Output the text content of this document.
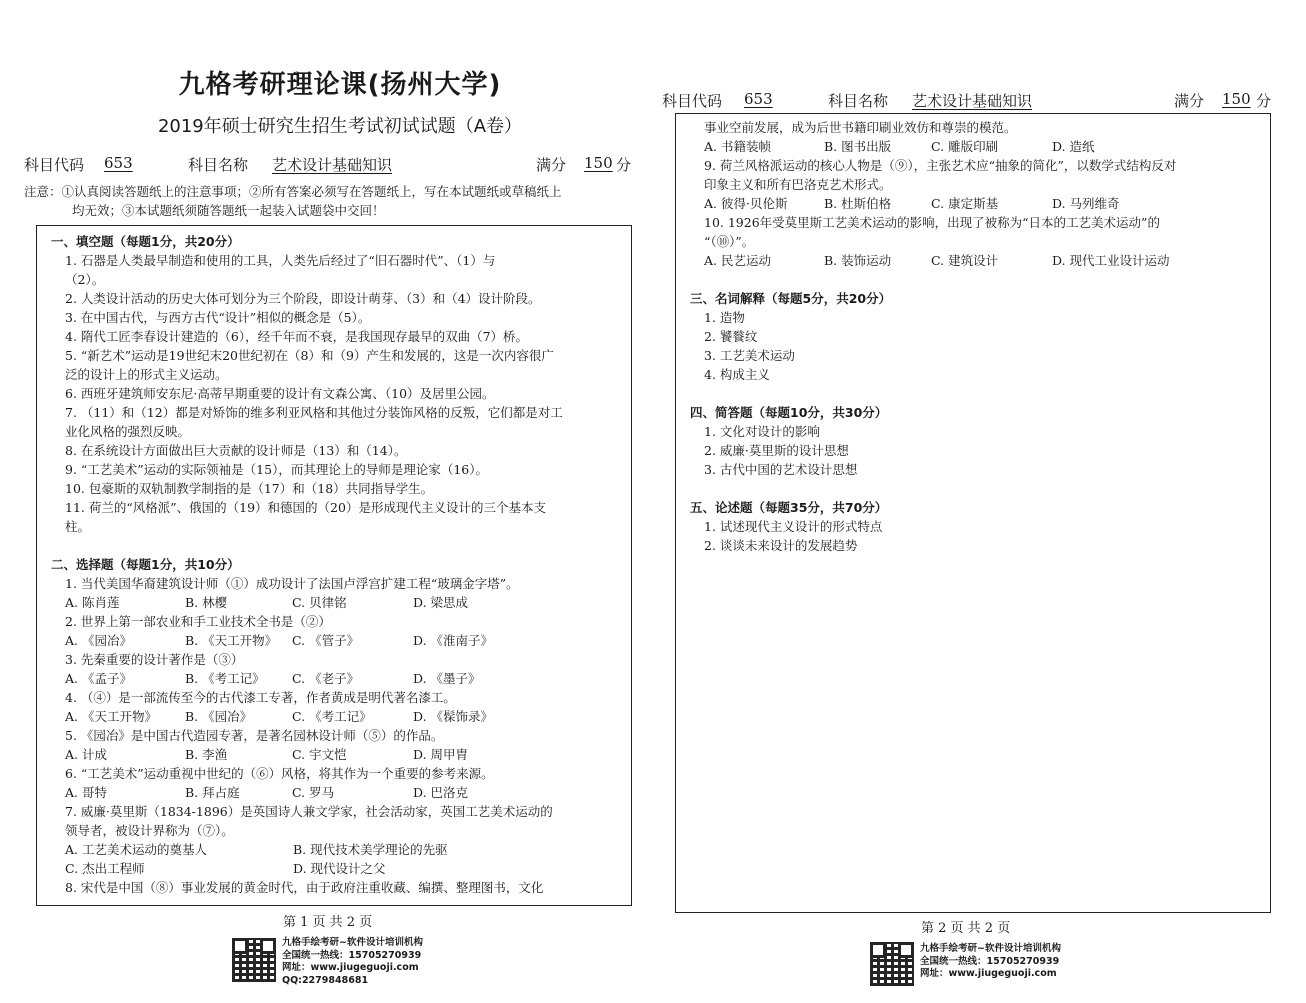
九格考研理论课(扬州大学)
2019年硕士研究生招生考试初试试题（A卷）
科目代码 653	科目名称 艺术设计基础知识	满分 150 分
注意：①认真阅读答题纸上的注意事项；②所有答案必须写在答题纸上，写在本试题纸或草稿纸上
均无效；③本试题纸须随答题纸一起装入试题袋中交回！
一、填空题（每题1分，共20分）
1. 石器是人类最早制造和使用的工具，人类先后经过了“旧石器时代”、（1）与
（2）。
2. 人类设计活动的历史大体可划分为三个阶段，即设计萌芽、（3）和（4）设计阶段。
3. 在中国古代，与西方古代“设计”相似的概念是（5）。
4. 隋代工匠李春设计建造的（6），经千年而不衰，是我国现存最早的双曲（7）桥。
5. “新艺术”运动是19世纪末20世纪初在（8）和（9）产生和发展的，这是一次内容很广
泛的设计上的形式主义运动。
6. 西班牙建筑师安东尼·高蒂早期重要的设计有文森公寓、（10）及居里公园。
7. （11）和（12）都是对矫饰的维多利亚风格和其他过分装饰风格的反叛，它们都是对工
业化风格的强烈反映。
8. 在系统设计方面做出巨大贡献的设计师是（13）和（14）。
9. “工艺美术”运动的实际领袖是（15），而其理论上的导师是理论家（16）。
10. 包豪斯的双轨制教学制指的是（17）和（18）共同指导学生。
11. 荷兰的“风格派”、俄国的（19）和德国的（20）是形成现代主义设计的三个基本支
柱。
二、选择题（每题1分，共10分）
1. 当代美国华裔建筑设计师（①）成功设计了法国卢浮宫扩建工程“玻璃金字塔”。
A. 陈肖莲	B. 林樱	C. 贝律铭	D. 梁思成
2. 世界上第一部农业和手工业技术全书是（②）
A. 《园冶》	B. 《天工开物》	C. 《管子》	D. 《淮南子》
3. 先秦重要的设计著作是（③）
A. 《孟子》	B. 《考工记》	C. 《老子》	D. 《墨子》
4. （④）是一部流传至今的古代漆工专著，作者黄成是明代著名漆工。
A. 《天工开物》	B. 《园冶》	C. 《考工记》	D. 《髹饰录》
5. 《园冶》是中国古代造园专著，是著名园林设计师（⑤）的作品。
A. 计成	B. 李渔	C. 宇文恺	D. 周甲胄
6. “工艺美术”运动重视中世纪的（⑥）风格，将其作为一个重要的参考来源。
A. 哥特	B. 拜占庭	C. 罗马	D. 巴洛克
7. 威廉·莫里斯（1834-1896）是英国诗人兼文学家，社会活动家，英国工艺美术运动的
领导者，被设计界称为（⑦）。
A. 工艺美术运动的奠基人	B. 现代技术美学理论的先驱
C. 杰出工程师	D. 现代设计之父
8. 宋代是中国（⑧）事业发展的黄金时代，由于政府注重收藏、编撰、整理图书，文化
第 1 页 共 2 页
九格手绘考研~软件设计培训机构
全国统一热线：15705270939
网址：www.jiugeguoji.com
QQ:2279848681
科目代码 653	科目名称 艺术设计基础知识	满分 150 分
事业空前发展，成为后世书籍印刷业效仿和尊崇的模范。
A. 书籍装帧	B. 图书出版	C. 雕版印刷	D. 造纸
9. 荷兰风格派运动的核心人物是（⑨），主张艺术应“抽象的简化”，以数学式结构反对
印象主义和所有巴洛克艺术形式。
A. 彼得·贝伦斯	B. 杜斯伯格	C. 康定斯基	D. 马列维奇
10. 1926年受莫里斯工艺美术运动的影响，出现了被称为“日本的工艺美术运动”的
“（⑩）”。
A. 民艺运动	B. 装饰运动	C. 建筑设计	D. 现代工业设计运动
三、名词解释（每题5分，共20分）
1. 造物
2. 饕餮纹
3. 工艺美术运动
4. 构成主义
四、简答题（每题10分，共30分）
1. 文化对设计的影响
2. 威廉·莫里斯的设计思想
3. 古代中国的艺术设计思想
五、论述题（每题35分，共70分）
1. 试述现代主义设计的形式特点
2. 谈谈未来设计的发展趋势
第 2 页 共 2 页
九格手绘考研~软件设计培训机构
全国统一热线：15705270939
网址：www.jiugeguoji.com
